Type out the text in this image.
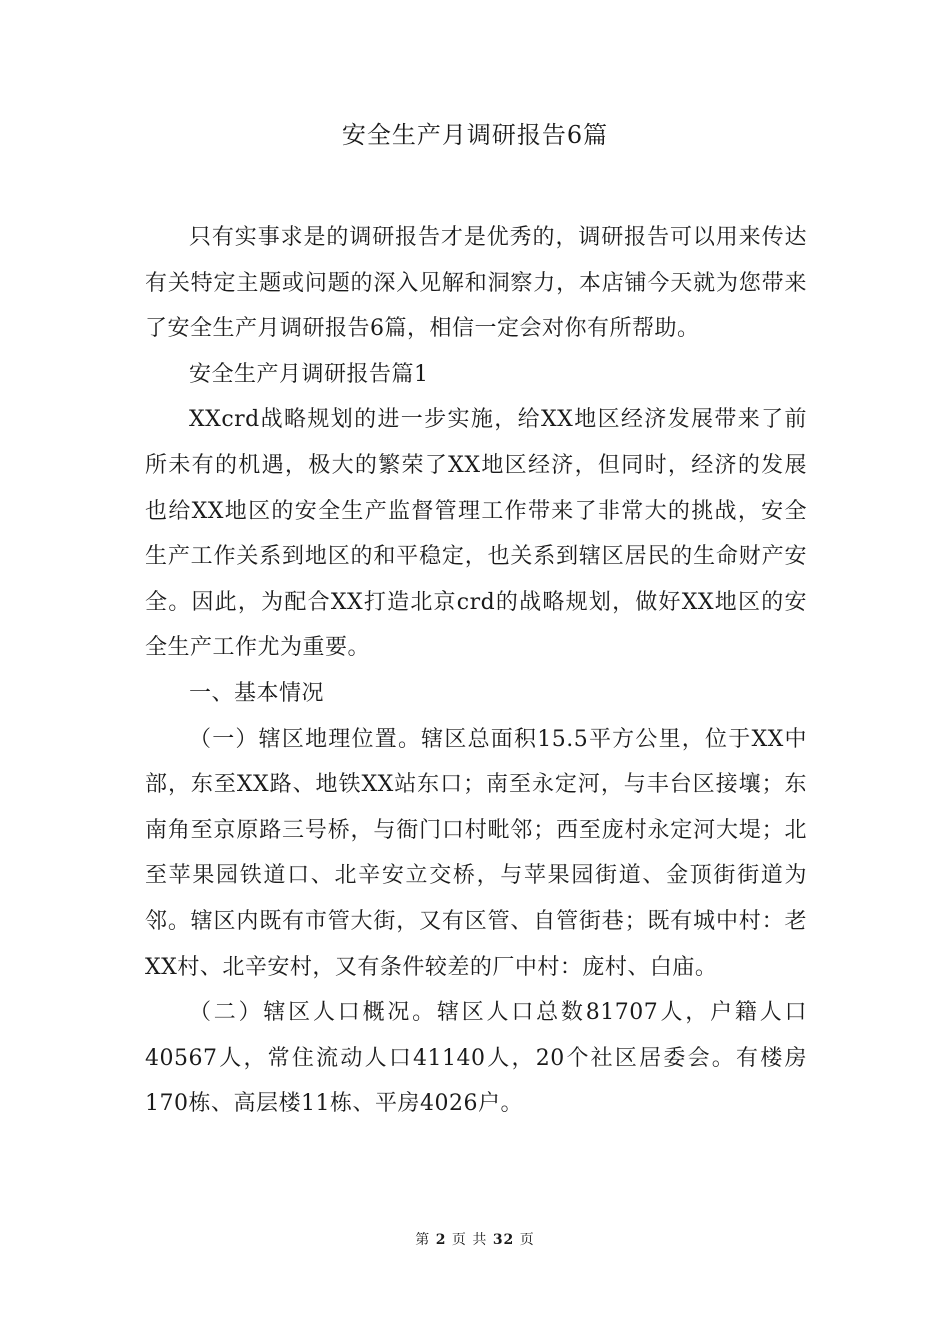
安全生产月调研报告6篇

只有实事求是的调研报告才是优秀的，调研报告可以用来传达有关特定主题或问题的深入见解和洞察力，本店铺今天就为您带来了安全生产月调研报告6篇，相信一定会对你有所帮助。

安全生产月调研报告篇1

XXcrd战略规划的进一步实施，给XX地区经济发展带来了前所未有的机遇，极大的繁荣了XX地区经济，但同时，经济的发展也给XX地区的安全生产监督管理工作带来了非常大的挑战，安全生产工作关系到地区的和平稳定，也关系到辖区居民的生命财产安全。因此，为配合XX打造北京crd的战略规划，做好XX地区的安全生产工作尤为重要。

一、基本情况

（一）辖区地理位置。辖区总面积15.5平方公里，位于XX中部，东至XX路、地铁XX站东口；南至永定河，与丰台区接壤；东南角至京原路三号桥，与衙门口村毗邻；西至庞村永定河大堤；北至苹果园铁道口、北辛安立交桥，与苹果园街道、金顶街街道为邻。辖区内既有市管大街，又有区管、自管街巷；既有城中村：老XX村、北辛安村，又有条件较差的厂中村：庞村、白庙。

（二）辖区人口概况。辖区人口总数81707人，户籍人口40567人，常住流动人口41140人，20个社区居委会。有楼房170栋、高层楼11栋、平房4026户。

第 2 页 共 32 页
